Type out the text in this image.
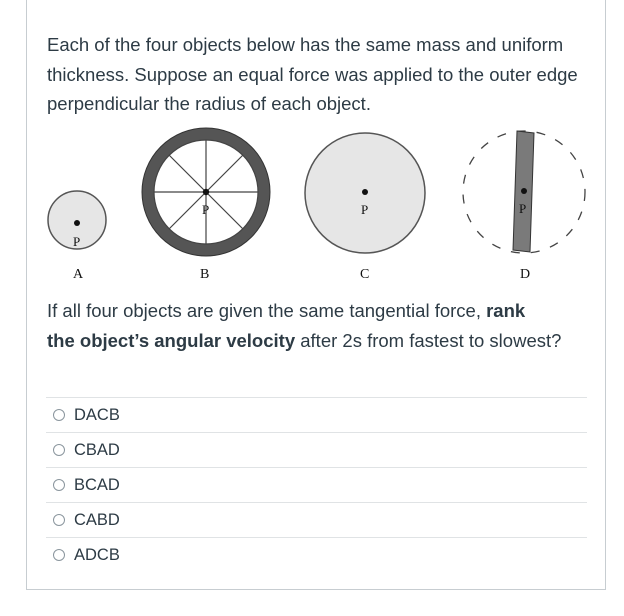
Each of the four objects below has the same mass and uniform thickness. Suppose an equal force was applied to the outer edge perpendicular the radius of each object.
P
A
P
B
P
C
P
D
If all four objects are given the same tangential force, rank
the object’s angular velocity after 2s from fastest to slowest?
DACB
CBAD
BCAD
CABD
ADCB
